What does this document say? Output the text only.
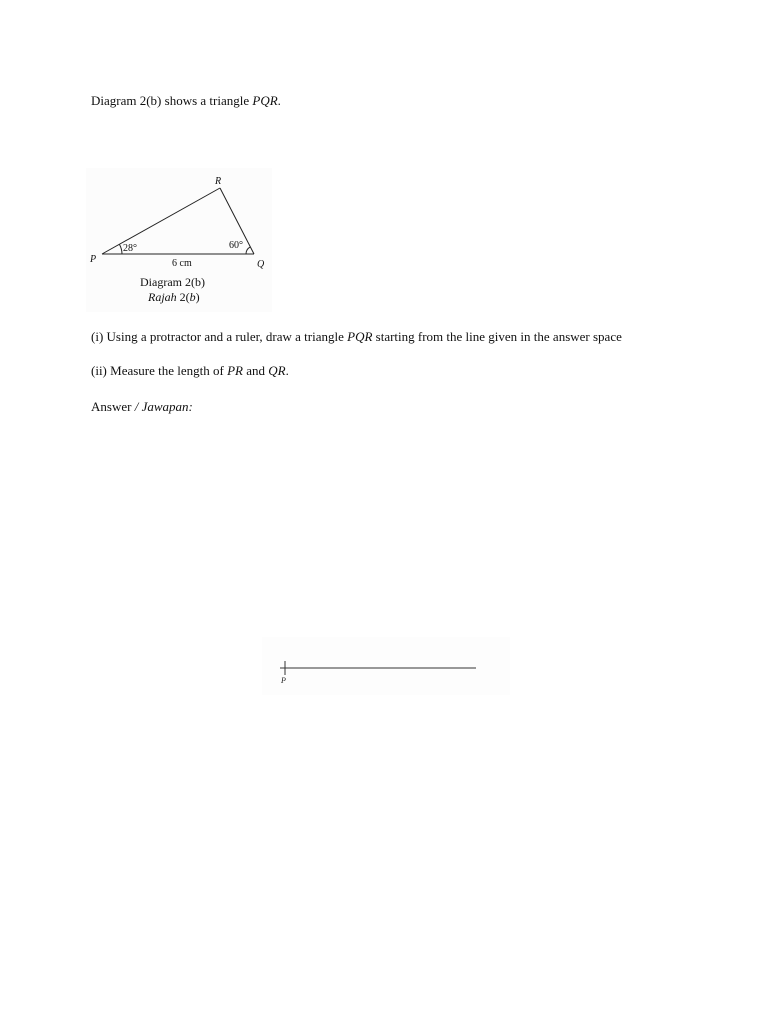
Diagram 2(b) shows a triangle PQR.
R
P	Q
28°	60°
6 cm
Diagram 2(b)
Rajah 2(b)
(i) Using a protractor and a ruler, draw a triangle PQR starting from the line given in the answer space
(ii) Measure the length of PR and QR.
Answer / Jawapan:
P
